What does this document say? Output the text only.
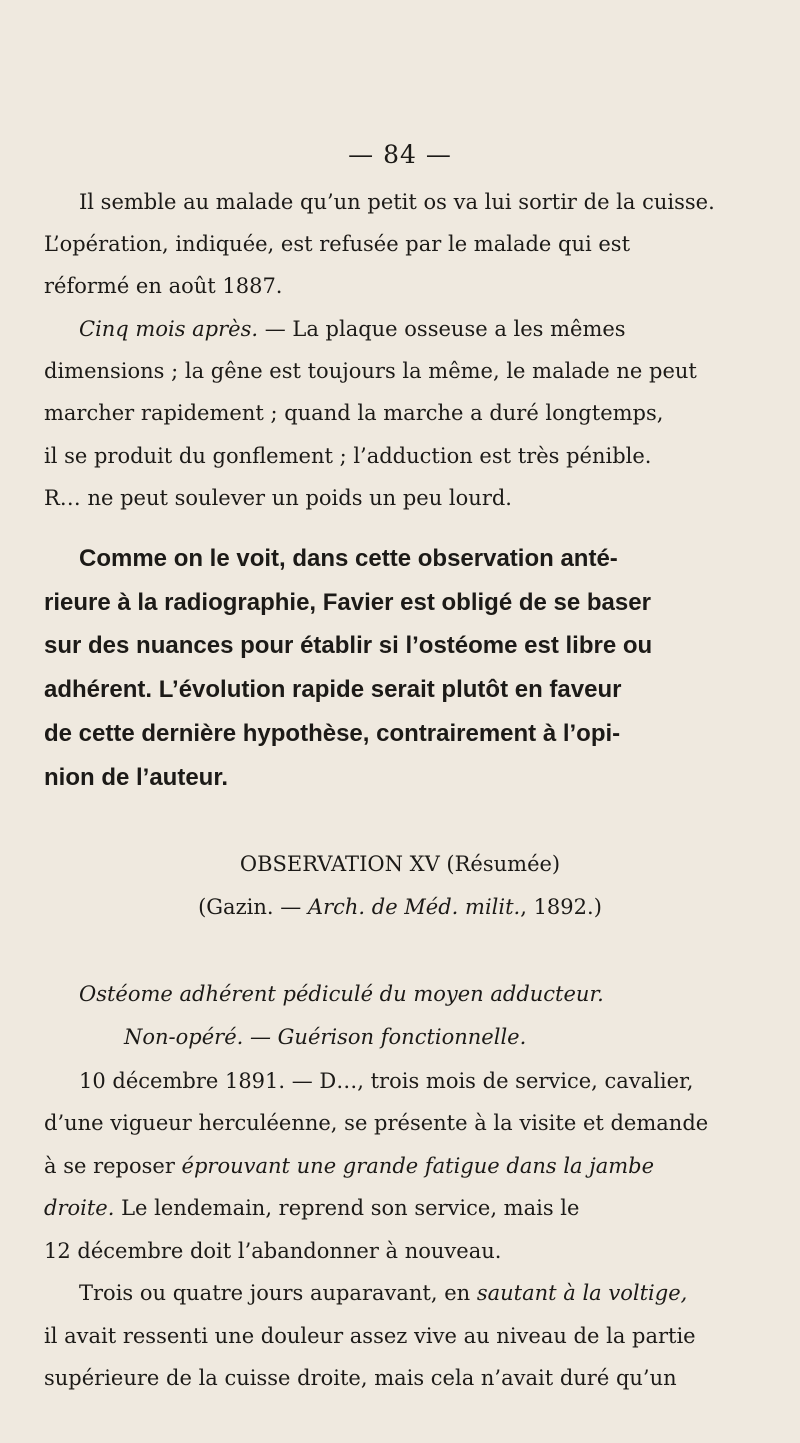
— 84 —
Il semble au malade qu’un petit os va lui sortir de la cuisse.
L’opération, indiquée, est refusée par le malade qui est
réformé en août 1887.
Cinq mois après. — La plaque osseuse a les mêmes
dimensions ; la gêne est toujours la même, le malade ne peut
marcher rapidement ; quand la marche a duré longtemps,
il se produit du gonflement ; l’adduction est très pénible.
R… ne peut soulever un poids un peu lourd.
Comme on le voit, dans cette observation anté-
rieure à la radiographie, Favier est obligé de se baser
sur des nuances pour établir si l’ostéome est libre ou
adhérent. L’évolution rapide serait plutôt en faveur
de cette dernière hypothèse, contrairement à l’opi-
nion de l’auteur.
OBSERVATION XV (Résumée)
(Gazin. — Arch. de Méd. milit., 1892.)
Ostéome adhérent pédiculé du moyen adducteur.
Non-opéré. — Guérison fonctionnelle.
10 décembre 1891. — D…, trois mois de service, cavalier,
d’une vigueur herculéenne, se présente à la visite et demande
à se reposer éprouvant une grande fatigue dans la jambe
droite. Le lendemain, reprend son service, mais le
12 décembre doit l’abandonner à nouveau.
Trois ou quatre jours auparavant, en sautant à la voltige,
il avait ressenti une douleur assez vive au niveau de la partie
supérieure de la cuisse droite, mais cela n’avait duré qu’un
